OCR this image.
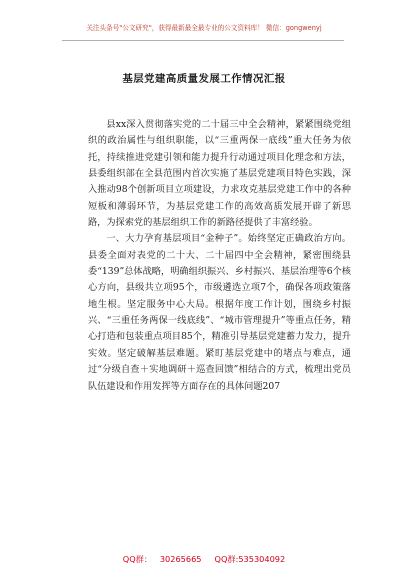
关注头条号"公文研究"，获得最新最全最专业的公文资料库！ 微信：gongwenyj
基层党建高质量发展工作情况汇报

县xx深入贯彻落实党的二十届三中全会精神，紧紧围绕党组织的政治属性与组织职能，以“三重两保一底线”重大任务为依托，持续推进党建引领和能力提升行动通过项目化理念和方法，县委组织部在全县范围内首次实施了基层党建项目特色实践，深入推动98个创新项目立项建设，力求攻克基层党建工作中的各种短板和薄弱环节，为基层党建工作的高效高质发展开辟了新思路，为探索党的基层组织工作的新路径提供了丰富经验。

一、大力孕育基层项目“金种子”。始终坚定正确政治方向。县委全面对表党的二十大、二十届四中全会精神，紧密围绕县委“139”总体战略，明确组织振兴、乡村振兴、基层治理等6个核心方向，县级共立项95个，市级遴选立项7个，确保各项政策落地生根。坚定服务中心大局。根据年度工作计划，围绕乡村振兴、“三重任务两保一线底线”、“城市管理提升”等重点任务，精心打造和包装重点项目85个，精准引导基层党建蓄力发力，提升实效。坚定破解基层难题。紧盯基层党建中的堵点与难点，通过“分级自查＋实地调研＋巡查回馈”相结合的方式，梳理出党员队伍建设和作用发挥等方面存在的具体问题207

QQ群：   30265665     QQ群:535304092
